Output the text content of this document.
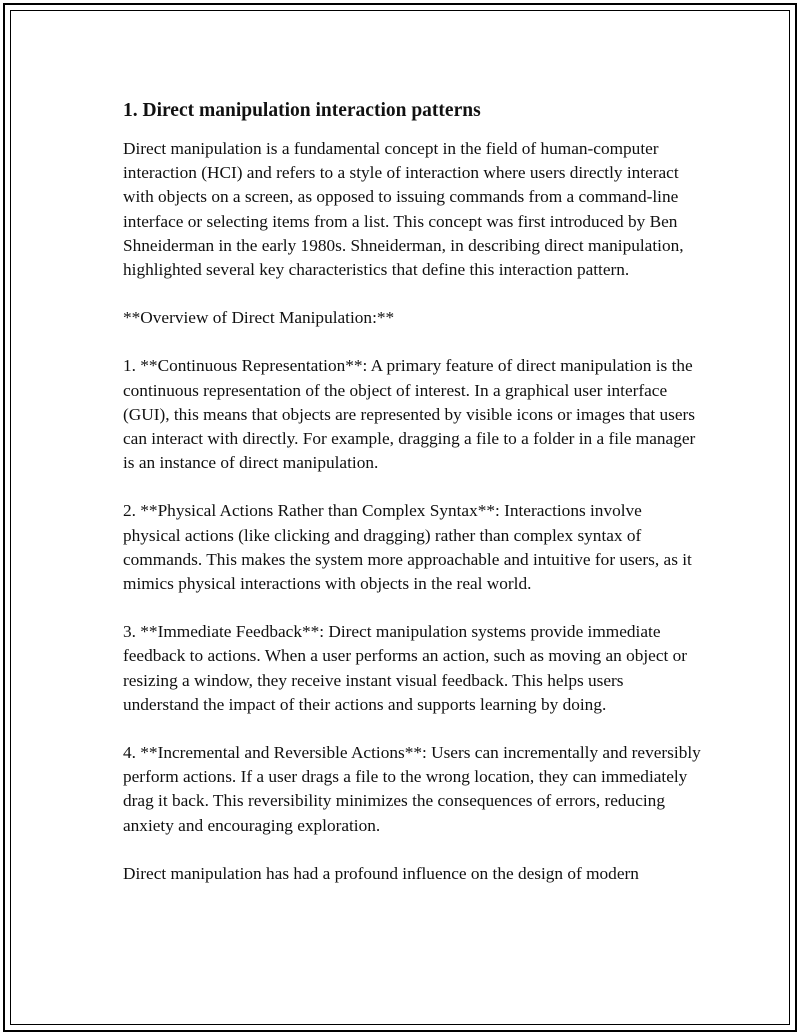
1. Direct manipulation interaction patterns

Direct manipulation is a fundamental concept in the field of human-computer interaction (HCI) and refers to a style of interaction where users directly interact with objects on a screen, as opposed to issuing commands from a command-line interface or selecting items from a list. This concept was first introduced by Ben Shneiderman in the early 1980s. Shneiderman, in describing direct manipulation, highlighted several key characteristics that define this interaction pattern.

**Overview of Direct Manipulation:**

1. **Continuous Representation**: A primary feature of direct manipulation is the continuous representation of the object of interest. In a graphical user interface (GUI), this means that objects are represented by visible icons or images that users can interact with directly. For example, dragging a file to a folder in a file manager is an instance of direct manipulation.

2. **Physical Actions Rather than Complex Syntax**: Interactions involve physical actions (like clicking and dragging) rather than complex syntax of commands. This makes the system more approachable and intuitive for users, as it mimics physical interactions with objects in the real world.

3. **Immediate Feedback**: Direct manipulation systems provide immediate feedback to actions. When a user performs an action, such as moving an object or resizing a window, they receive instant visual feedback. This helps users understand the impact of their actions and supports learning by doing.

4. **Incremental and Reversible Actions**: Users can incrementally and reversibly perform actions. If a user drags a file to the wrong location, they can immediately drag it back. This reversibility minimizes the consequences of errors, reducing anxiety and encouraging exploration.

Direct manipulation has had a profound influence on the design of modern
